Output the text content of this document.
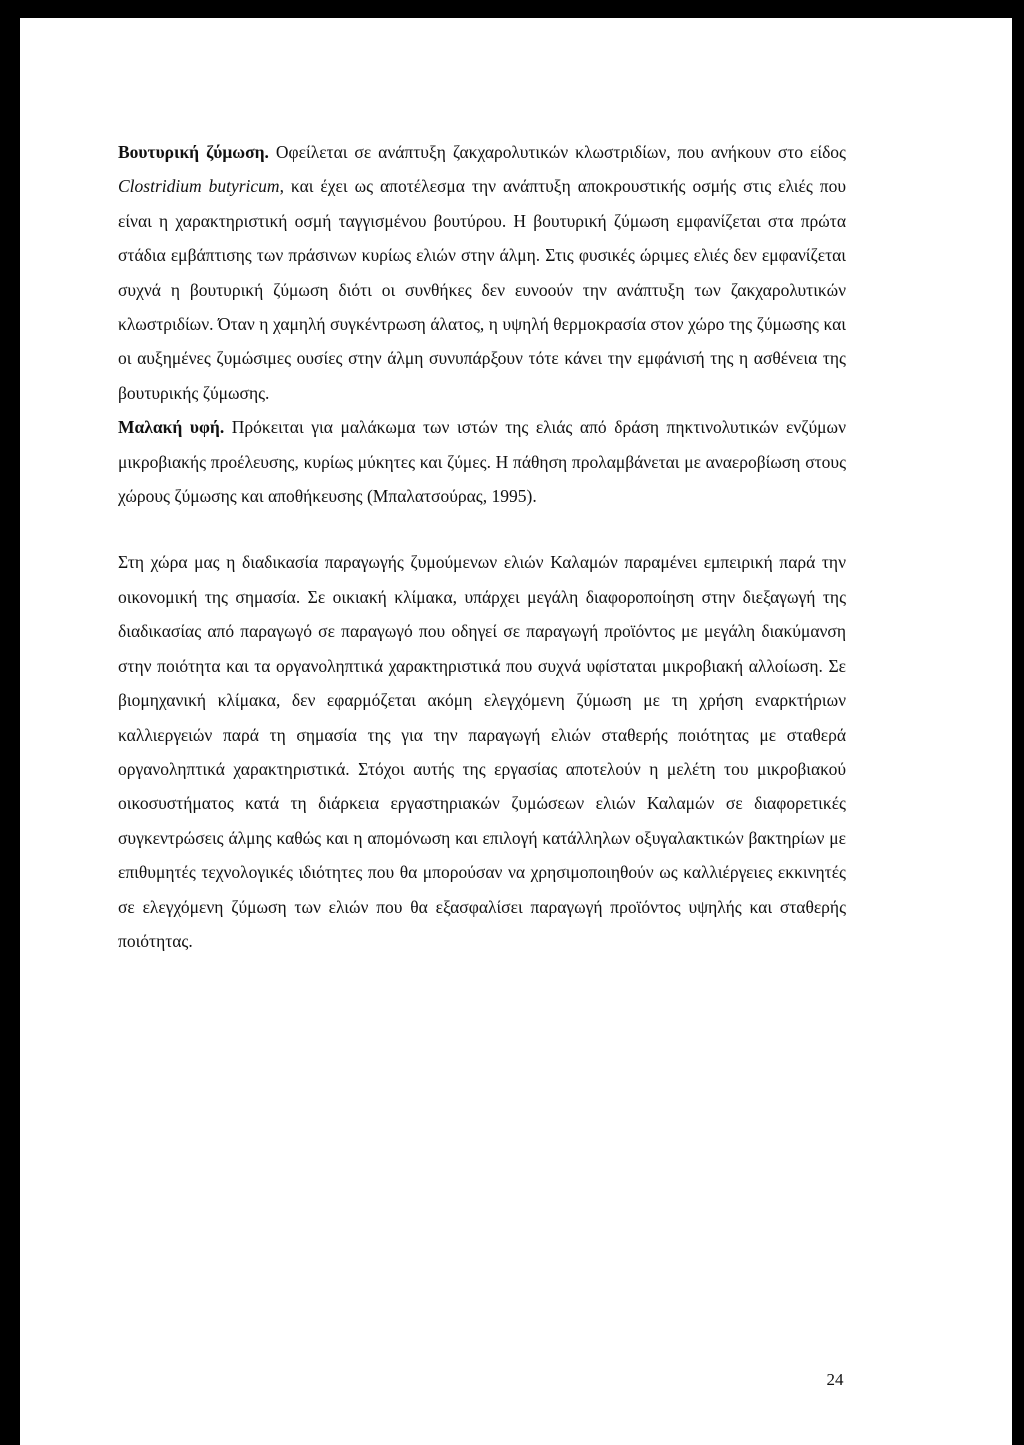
Βουτυρική ζύμωση. Οφείλεται σε ανάπτυξη ζακχαρολυτικών κλωστριδίων, που ανήκουν στο είδος Clostridium butyricum, και έχει ως αποτέλεσμα την ανάπτυξη αποκρουστικής οσμής στις ελιές που είναι η χαρακτηριστική οσμή ταγγισμένου βουτύρου. Η βουτυρική ζύμωση εμφανίζεται στα πρώτα στάδια εμβάπτισης των πράσινων κυρίως ελιών στην άλμη. Στις φυσικές ώριμες ελιές δεν εμφανίζεται συχνά η βουτυρική ζύμωση διότι οι συνθήκες δεν ευνοούν την ανάπτυξη των ζακχαρολυτικών κλωστριδίων. Όταν η χαμηλή συγκέντρωση άλατος, η υψηλή θερμοκρασία στον χώρο της ζύμωσης και οι αυξημένες ζυμώσιμες ουσίες στην άλμη συνυπάρξουν τότε κάνει την εμφάνισή της η ασθένεια της βουτυρικής ζύμωσης.

Μαλακή υφή. Πρόκειται για μαλάκωμα των ιστών της ελιάς από δράση πηκτινολυτικών ενζύμων μικροβιακής προέλευσης, κυρίως μύκητες και ζύμες. Η πάθηση προλαμβάνεται με αναεροβίωση στους χώρους ζύμωσης και αποθήκευσης (Μπαλατσούρας, 1995).

Στη χώρα μας η διαδικασία παραγωγής ζυμούμενων ελιών Καλαμών παραμένει εμπειρική παρά την οικονομική της σημασία. Σε οικιακή κλίμακα, υπάρχει μεγάλη διαφοροποίηση στην διεξαγωγή της διαδικασίας από παραγωγό σε παραγωγό που οδηγεί σε παραγωγή προϊόντος με μεγάλη διακύμανση στην ποιότητα και τα οργανοληπτικά χαρακτηριστικά που συχνά υφίσταται μικροβιακή αλλοίωση. Σε βιομηχανική κλίμακα, δεν εφαρμόζεται ακόμη ελεγχόμενη ζύμωση με τη χρήση εναρκτήριων καλλιεργειών παρά τη σημασία της για την παραγωγή ελιών σταθερής ποιότητας με σταθερά οργανοληπτικά χαρακτηριστικά. Στόχοι αυτής της εργασίας αποτελούν η μελέτη του μικροβιακού οικοσυστήματος κατά τη διάρκεια εργαστηριακών ζυμώσεων ελιών Καλαμών σε διαφορετικές συγκεντρώσεις άλμης καθώς και η απομόνωση και επιλογή κατάλληλων οξυγαλακτικών βακτηρίων με επιθυμητές τεχνολογικές ιδιότητες που θα μπορούσαν να χρησιμοποιηθούν ως καλλιέργειες εκκινητές σε ελεγχόμενη ζύμωση των ελιών που θα εξασφαλίσει παραγωγή προϊόντος υψηλής και σταθερής ποιότητας.

24
